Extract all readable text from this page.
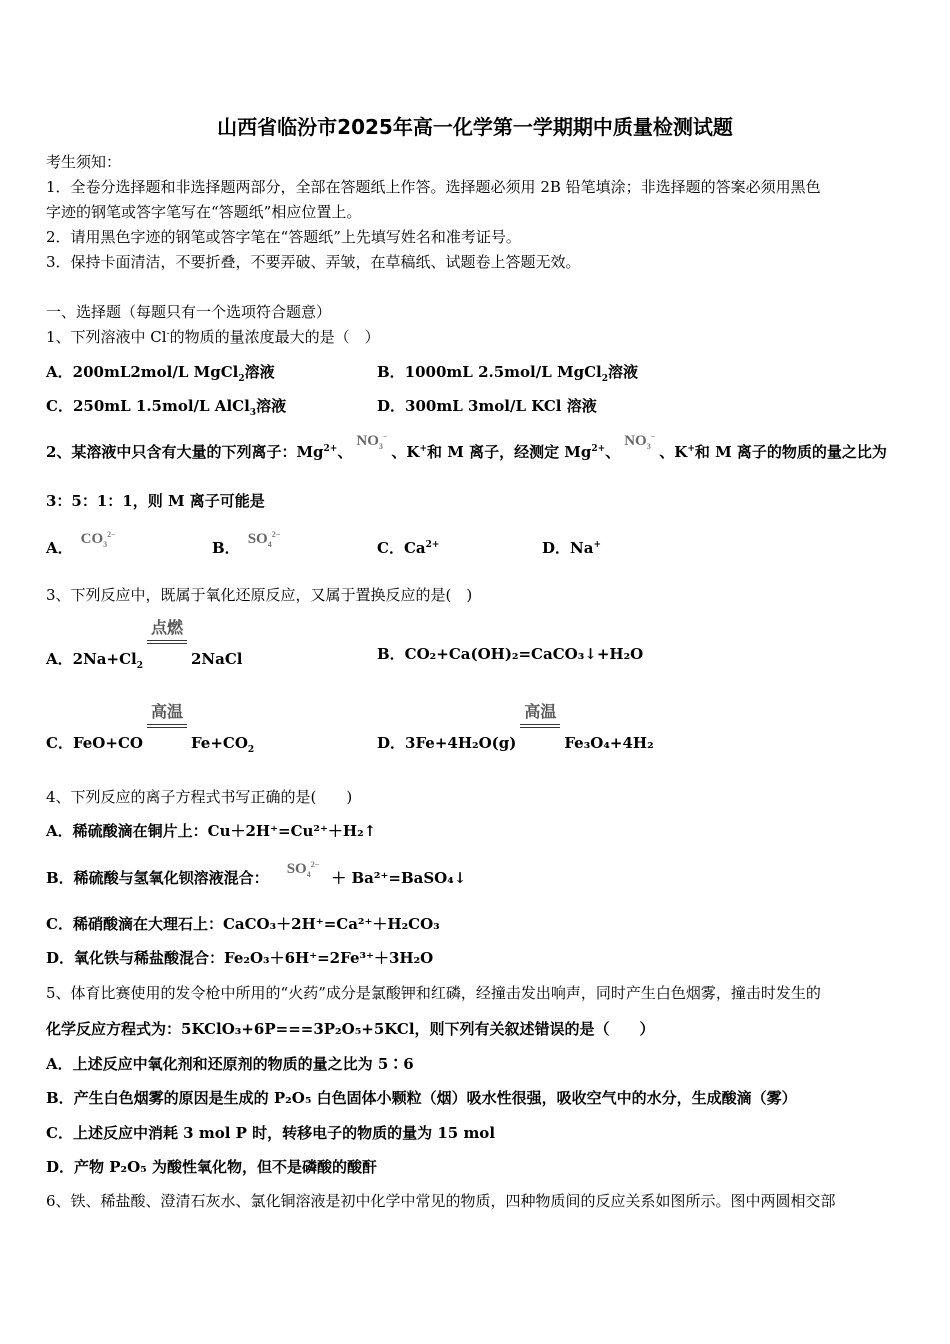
山西省临汾市2025年高一化学第一学期期中质量检测试题
考生须知：
1．全卷分选择题和非选择题两部分，全部在答题纸上作答。选择题必须用 2B 铅笔填涂；非选择题的答案必须用黑色
字迹的钢笔或答字笔写在“答题纸”相应位置上。
2．请用黑色字迹的钢笔或答字笔在“答题纸”上先填写姓名和准考证号。
3．保持卡面清洁，不要折叠，不要弄破、弄皱，在草稿纸、试题卷上答题无效。
一、选择题（每题只有一个选项符合题意）
1、下列溶液中 Cl-的物质的量浓度最大的是（　）
A．200mL2mol/L MgCl$_2$溶液	B．1000mL 2.5mol/L MgCl$_2$溶液
C．250mL 1.5mol/L AlCl$_3$溶液	D．300mL 3mol/L KCl 溶液
2、某溶液中只含有大量的下列离子：$Mg^{2+}$、$NO_3^-$、K+和 M 离子，经测定 $Mg^{2+}$、$NO_3^-$、K+和 M 离子的物质的量之比为
3：5：1：1，则 M 离子可能是
A． $CO_3^{2-}$
B． $SO_4^{2-}$
C．$Ca^{2+}$	D．Na+
3、下列反应中，既属于氧化还原反应，又属于置换反应的是(　)
A．$2Na+Cl_2$
点燃
2NaCl	B．CO₂+Ca(OH)₂=CaCO₃↓+H₂O
C．FeO+CO
高温
$Fe+CO_2$	D．3Fe+4H₂O(g)
高温
Fe₃O₄+4H₂
4、下列反应的离子方程式书写正确的是(　　)
A．稀硫酸滴在铜片上：Cu＋2H⁺=Cu²⁺＋H₂↑
B．稀硫酸与氢氧化钡溶液混合： $SO_4^{2-}+$ Ba²⁺=BaSO₄↓
C．稀硝酸滴在大理石上：CaCO₃＋2H⁺=Ca²⁺＋H₂CO₃
D．氧化铁与稀盐酸混合：Fe₂O₃＋6H⁺=2Fe³⁺＋3H₂O
5、体育比赛使用的发令枪中所用的“火药”成分是氯酸钾和红磷，经撞击发出响声，同时产生白色烟雾，撞击时发生的
化学反应方程式为：5KClO₃+6P===3P₂O₅+5KCl，则下列有关叙述错误的是（　　）
A．上述反应中氧化剂和还原剂的物质的量之比为 5∶6
B．产生白色烟雾的原因是生成的 P₂O₅ 白色固体小颗粒（烟）吸水性很强，吸收空气中的水分，生成酸滴（雾）
C．上述反应中消耗 3 mol P 时，转移电子的物质的量为 15 mol
D．产物 P₂O₅ 为酸性氧化物，但不是磷酸的酸酐
6、铁、稀盐酸、澄清石灰水、氯化铜溶液是初中化学中常见的物质，四种物质间的反应关系如图所示。图中两圆相交部
